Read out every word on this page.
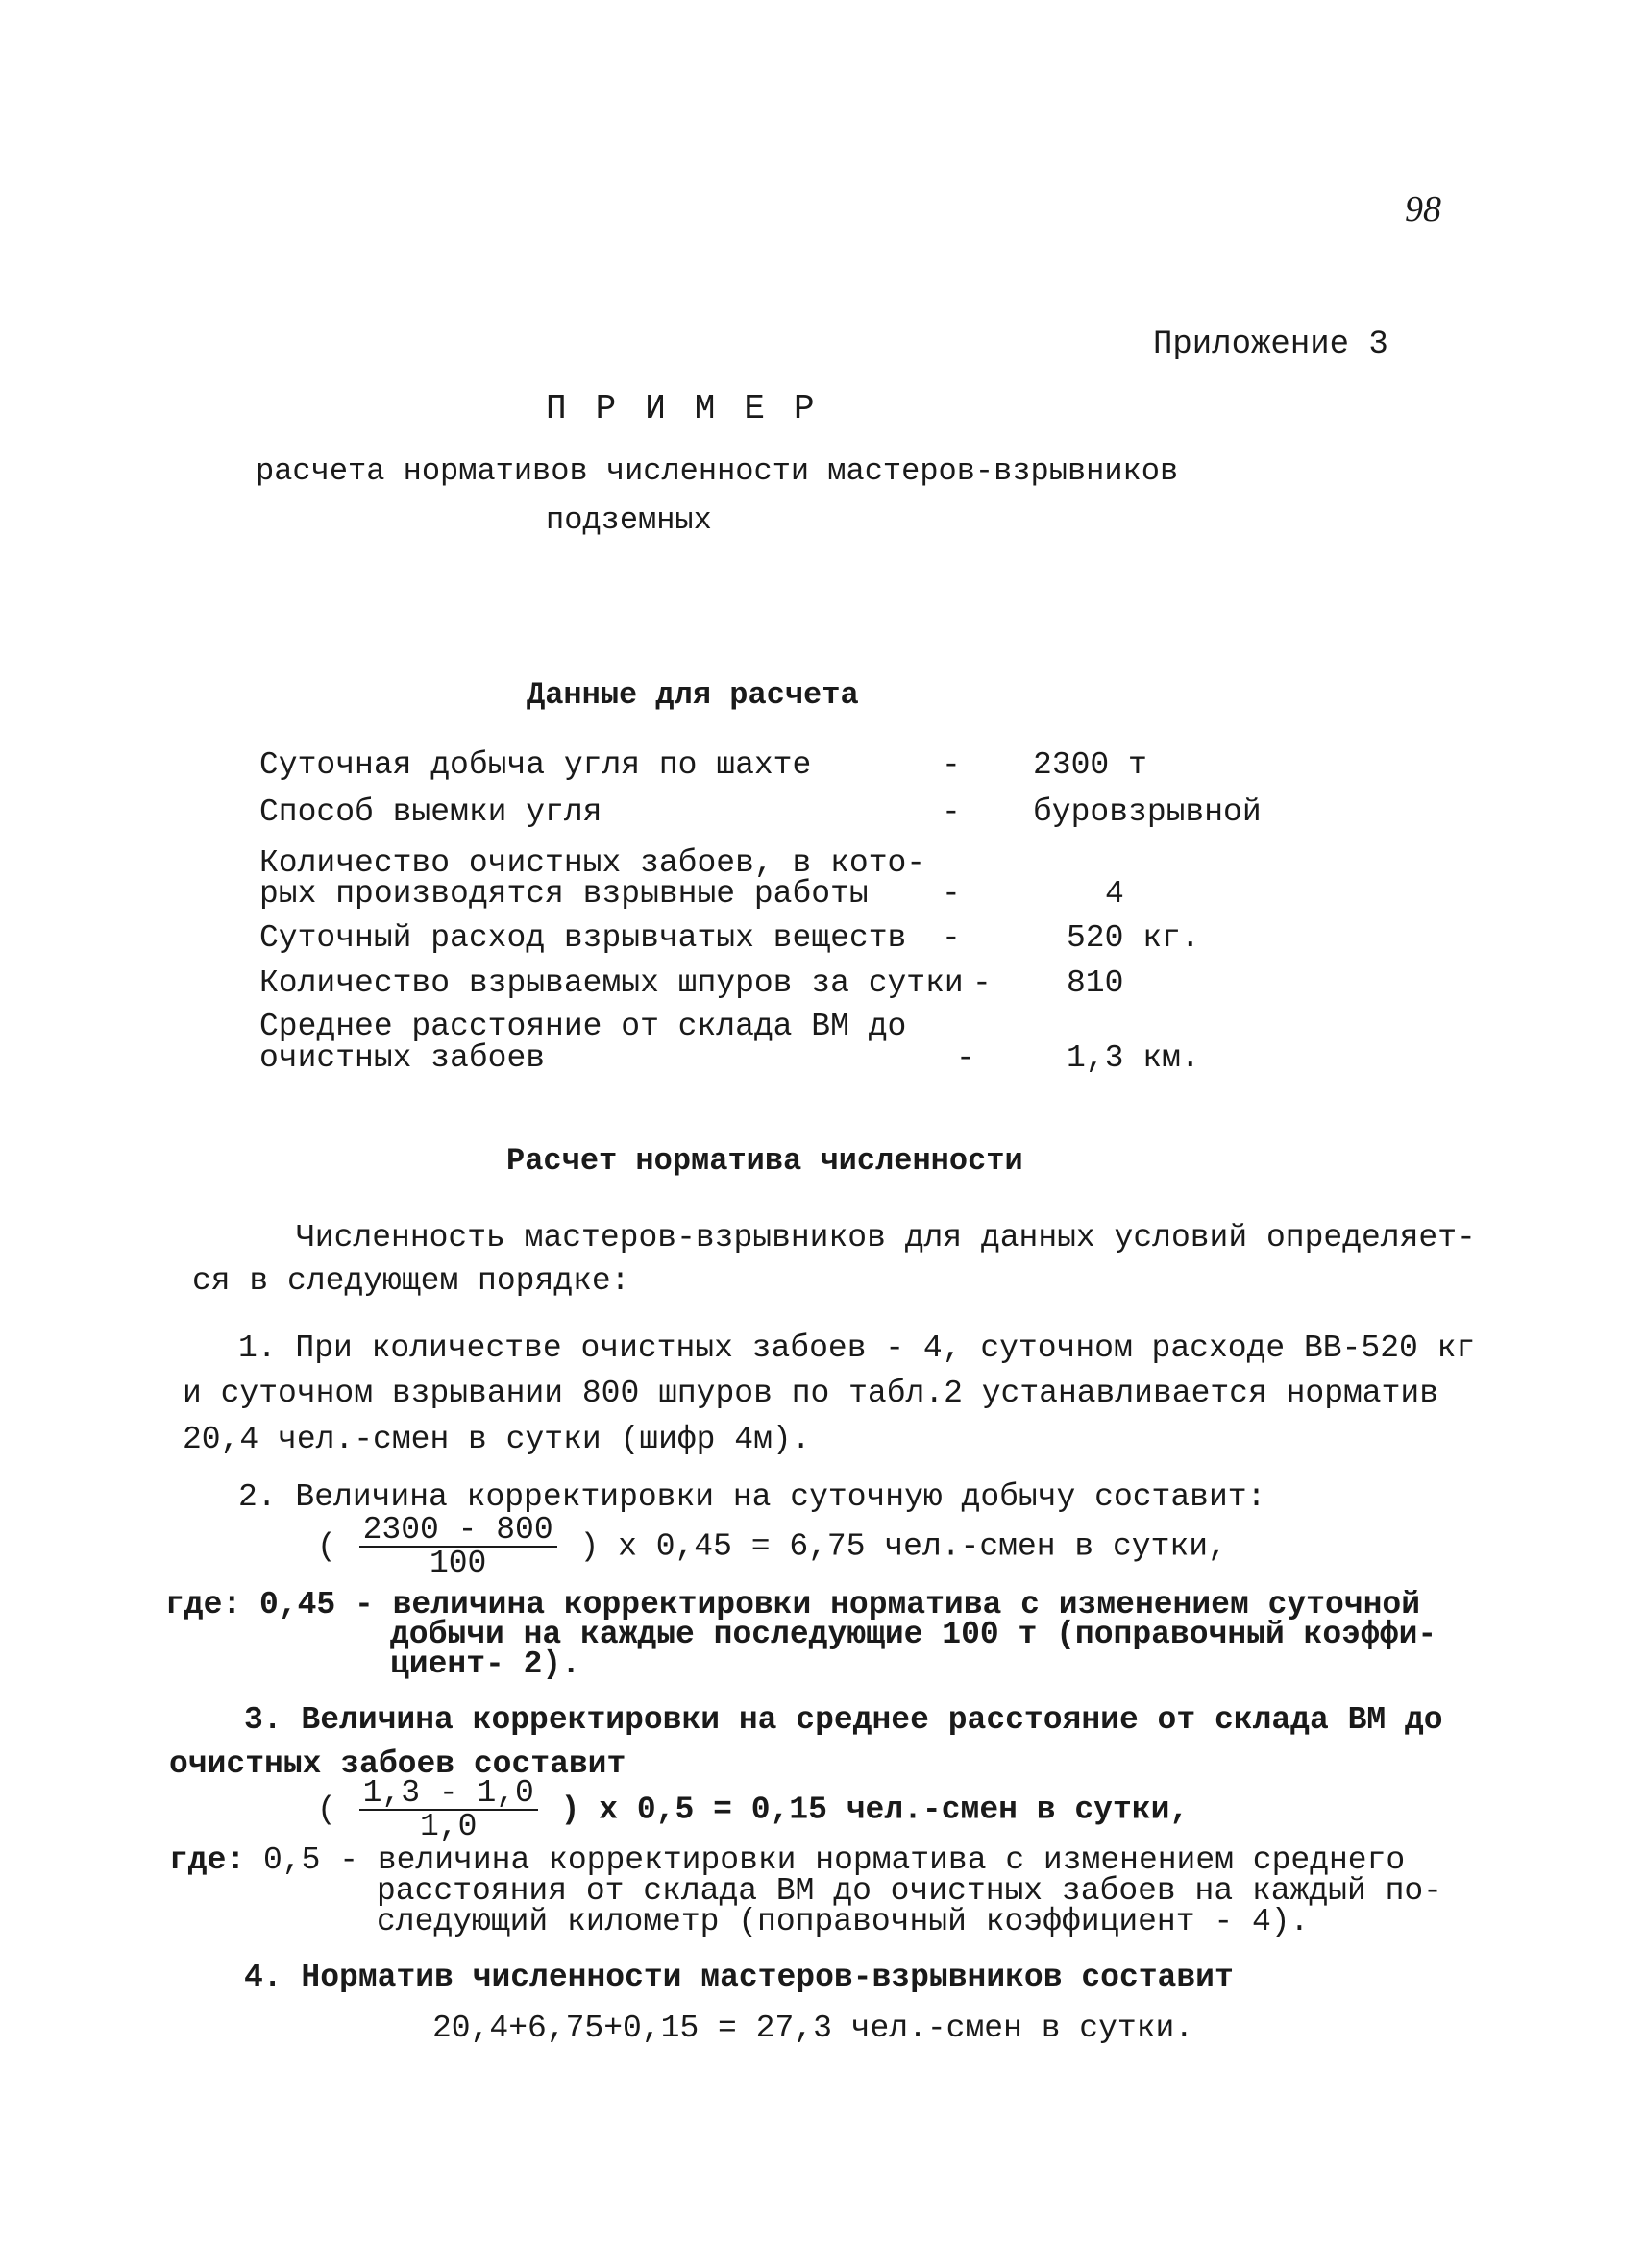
98
Приложение 3
ПРИМЕР
расчета нормативов численности мастеров-взрывников
подземных
Данные для расчета
Суточная добыча угля по шахте	- 2300 т
Способ выемки угля	- буровзрывной
Количество очистных забоев, в кото-
рых производятся взрывные работы -	4
Суточный расход взрывчатых веществ -	520 кг.
Количество взрываемых шпуров за сутки - 810
Среднее расстояние от склада ВМ до
очистных забоев	-	1,3 км.
Расчет норматива численности
Численность мастеров-взрывников для данных условий определяет-
ся в следующем порядке:
1. При количестве очистных забоев - 4, суточном расходе ВВ-520 кг
и суточном взрывании 800 шпуров по табл.2 устанавливается норматив
20,4 чел.-смен в сутки (шифр 4м).
2. Величина корректировки на суточную добычу составит:
( $\frac{2300 - 800}{100}$ ) x 0,45 = 6,75 чел.-смен в сутки,
где: 0,45 - величина корректировки норматива с изменением суточной
добычи на каждые последующие 100 т (поправочный коэффи-
циент- 2).
3. Величина корректировки на среднее расстояние от склада ВМ до
очистных забоев составит
( $\frac{1,3 - 1,0}{1,0}$ ) x 0,5 = 0,15 чел.-смен в сутки,
где: 0,5 - величина корректировки норматива с изменением среднего
расстояния от склада ВМ до очистных забоев на каждый по-
следующий километр (поправочный коэффициент - 4).
4. Норматив численности мастеров-взрывников составит
20,4+6,75+0,15 = 27,3 чел.-смен в сутки.
